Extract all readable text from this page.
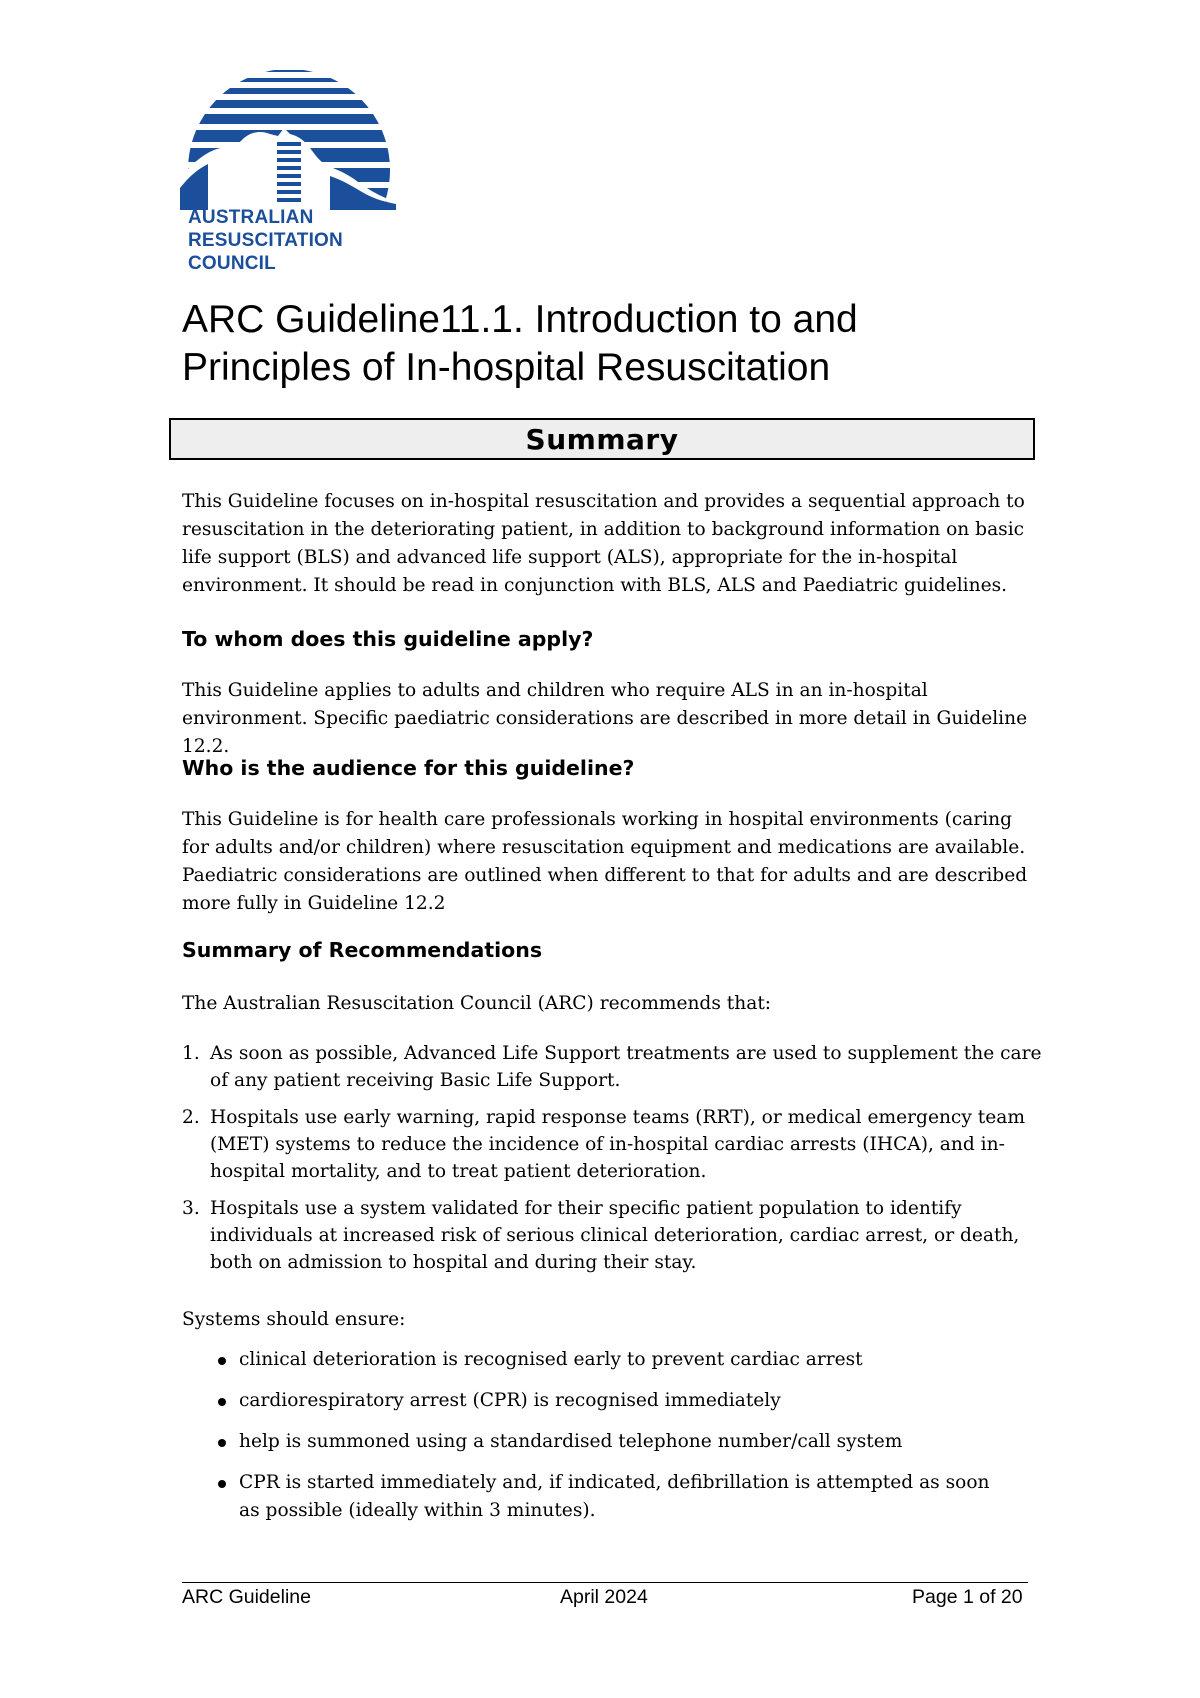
™
AUSTRALIAN
RESUSCITATION
COUNCIL
ARC Guideline11.1. Introduction to and
Principles of In-hospital Resuscitation
Summary
This Guideline focuses on in-hospital resuscitation and provides a sequential approach to resuscitation in the deteriorating patient, in addition to background information on basic life support (BLS) and advanced life support (ALS), appropriate for the in-hospital environment. It should be read in conjunction with BLS, ALS and Paediatric guidelines.
To whom does this guideline apply?
This Guideline applies to adults and children who require ALS in an in-hospital environment. Specific paediatric considerations are described in more detail in Guideline 12.2.
Who is the audience for this guideline?
This Guideline is for health care professionals working in hospital environments (caring for adults and/or children) where resuscitation equipment and medications are available. Paediatric considerations are outlined when different to that for adults and are described more fully in Guideline 12.2
Summary of Recommendations
The Australian Resuscitation Council (ARC) recommends that:
1. As soon as possible, Advanced Life Support treatments are used to supplement the care of any patient receiving Basic Life Support.
2. Hospitals use early warning, rapid response teams (RRT), or medical emergency team (MET) systems to reduce the incidence of in-hospital cardiac arrests (IHCA), and in-hospital mortality, and to treat patient deterioration.
3. Hospitals use a system validated for their specific patient population to identify individuals at increased risk of serious clinical deterioration, cardiac arrest, or death, both on admission to hospital and during their stay.
Systems should ensure:
clinical deterioration is recognised early to prevent cardiac arrest
cardiorespiratory arrest (CPR) is recognised immediately
help is summoned using a standardised telephone number/call system
CPR is started immediately and, if indicated, defibrillation is attempted as soon as possible (ideally within 3 minutes).
ARC Guideline	April 2024	Page 1 of 20
